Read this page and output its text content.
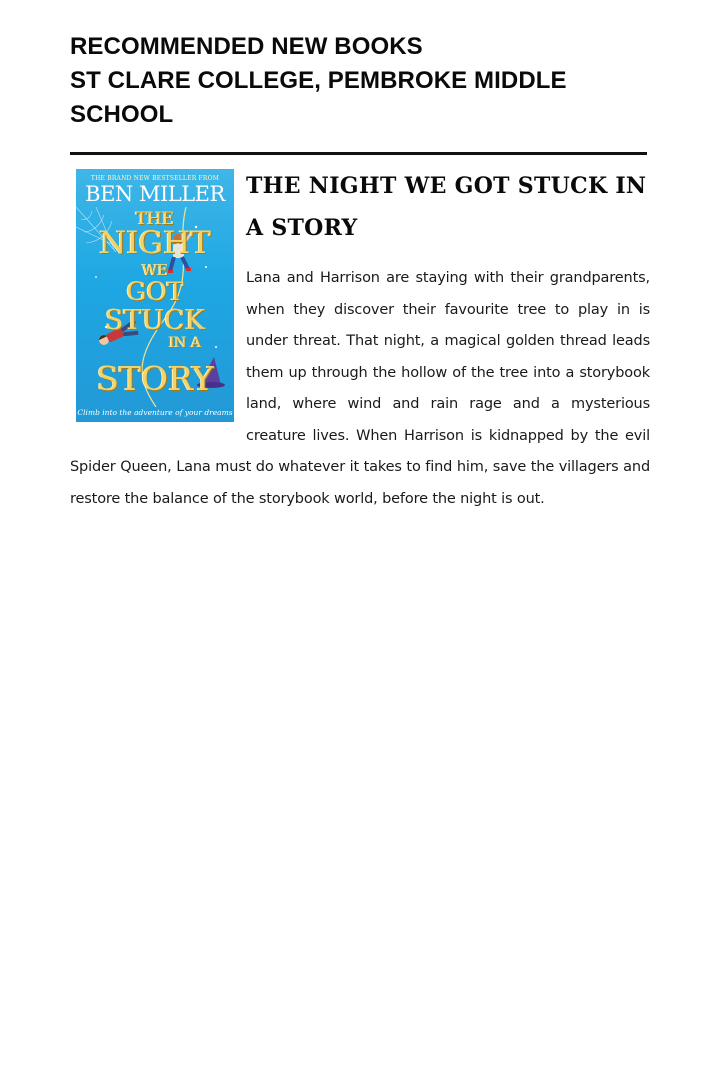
RECOMMENDED NEW BOOKS
ST CLARE COLLEGE, PEMBROKE MIDDLE SCHOOL
THE BRAND NEW BESTSELLER FROM
BEN MILLER
THE
NIGHT
WE
GOT
STUCK
IN A
STORY
Climb into the adventure of your dreams
THE NIGHT WE GOT STUCK IN A STORY

Lana and Harrison are staying with their grandparents, when they discover their favourite tree to play in is under threat. That night, a magical golden thread leads them up through the hollow of the tree into a storybook land, where wind and rain rage and a mysterious creature lives. When Harrison is kidnapped by the evil Spider Queen, Lana must do whatever it takes to find him, save the villagers and restore the balance of the storybook world, before the night is out.
